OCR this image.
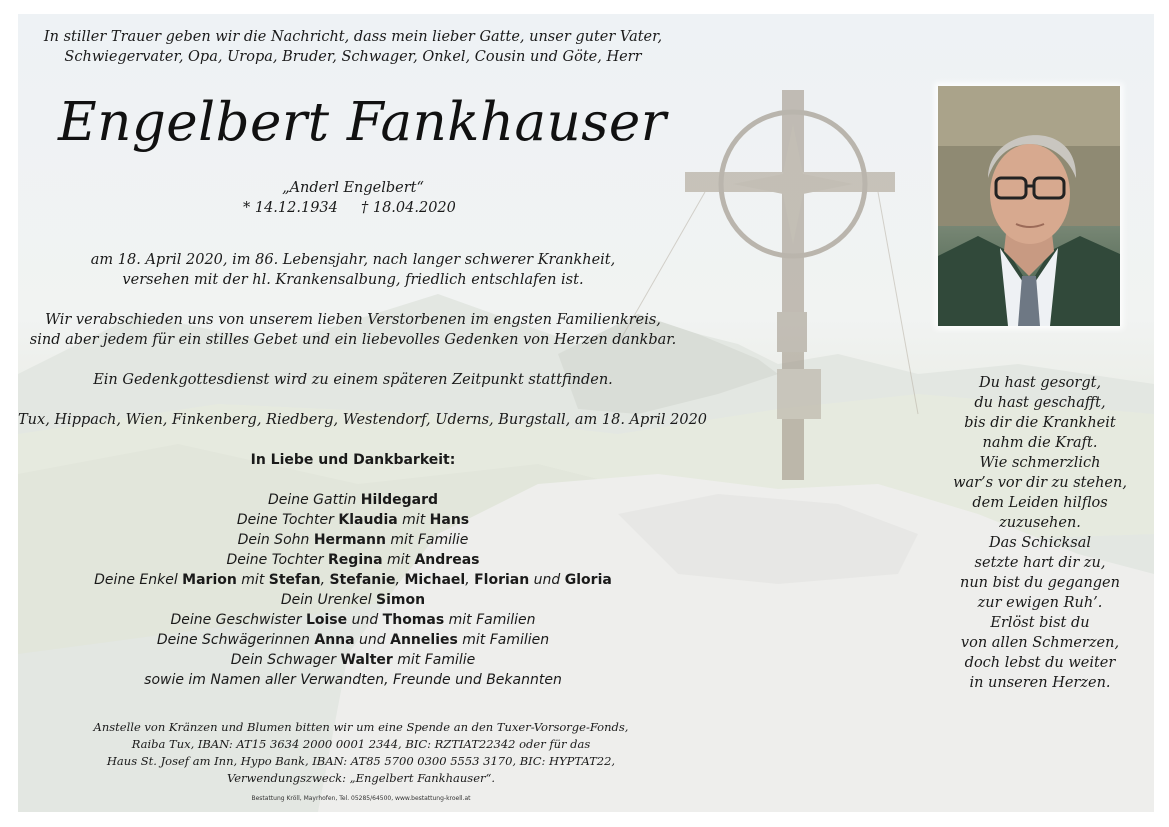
In stiller Trauer geben wir die Nachricht, dass mein lieber Gatte, unser guter Vater,
Schwiegervater, Opa, Uropa, Bruder, Schwager, Onkel, Cousin und Göte, Herr
Engelbert Fankhauser
„Anderl Engelbert“
* 14.12.1934 † 18.04.2020
am 18. April 2020, im 86. Lebensjahr, nach langer schwerer Krankheit,
versehen mit der hl. Krankensalbung, friedlich entschlafen ist.
Wir verabschieden uns von unserem lieben Verstorbenen im engsten Familienkreis,
sind aber jedem für ein stilles Gebet und ein liebevolles Gedenken von Herzen dankbar.
Ein Gedenkgottesdienst wird zu einem späteren Zeitpunkt stattfinden.
Tux, Hippach, Wien, Finkenberg, Riedberg, Westendorf, Uderns, Burgstall, am 18. April 2020
In Liebe und Dankbarkeit:
Deine Gattin Hildegard
Deine Tochter Klaudia mit Hans
Dein Sohn Hermann mit Familie
Deine Tochter Regina mit Andreas
Deine Enkel Marion mit Stefan, Stefanie, Michael, Florian und Gloria
Dein Urenkel Simon
Deine Geschwister Loise und Thomas mit Familien
Deine Schwägerinnen Anna und Annelies mit Familien
Dein Schwager Walter mit Familie
sowie im Namen aller Verwandten, Freunde und Bekannten
Anstelle von Kränzen und Blumen bitten wir um eine Spende an den Tuxer-Vorsorge-Fonds,
Raiba Tux, IBAN: AT15 3634 2000 0001 2344, BIC: RZTIAT22342 oder für das
Haus St. Josef am Inn, Hypo Bank, IBAN: AT85 5700 0300 5553 3170, BIC: HYPTAT22,
Verwendungszweck: „Engelbert Fankhauser“.
Bestattung Kröll, Mayrhofen, Tel. 05285/64500, www.bestattung-kroell.at
Du hast gesorgt,
du hast geschafft,
bis dir die Krankheit
nahm die Kraft.
Wie schmerzlich
war’s vor dir zu stehen,
dem Leiden hilflos
zuzusehen.
Das Schicksal
setzte hart dir zu,
nun bist du gegangen
zur ewigen Ruh’.
Erlöst bist du
von allen Schmerzen,
doch lebst du weiter
in unseren Herzen.
